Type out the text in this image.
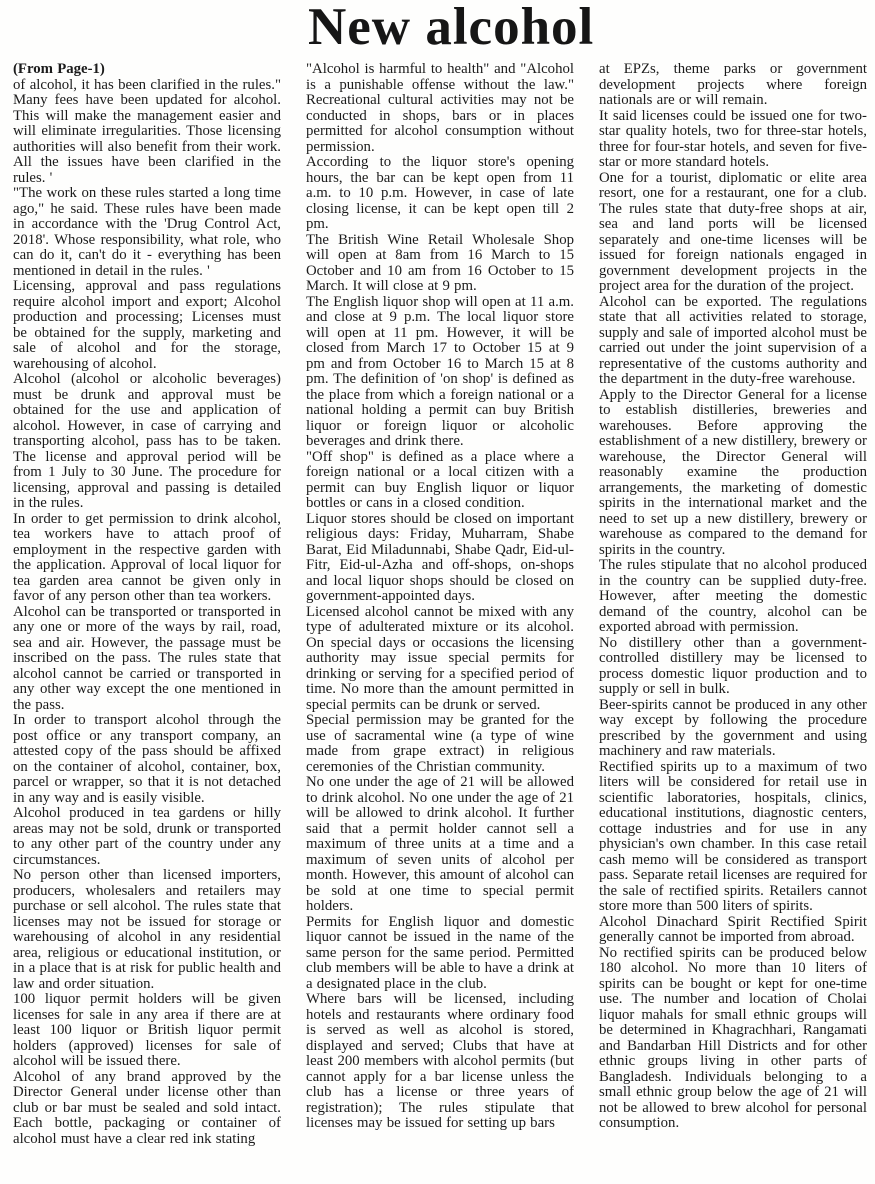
New alcohol

(From Page-1)

of alcohol, it has been clarified in the rules." Many fees have been updated for alcohol. This will make the management easier and will eliminate irregularities. Those licensing authorities will also benefit from their work. All the issues have been clarified in the rules. '

"The work on these rules started a long time ago," he said. These rules have been made in accordance with the 'Drug Control Act, 2018'. Whose responsibility, what role, who can do it, can't do it - everything has been mentioned in detail in the rules. '

Licensing, approval and pass regulations require alcohol import and export; Alcohol production and processing; Licenses must be obtained for the supply, marketing and sale of alcohol and for the storage, warehousing of alcohol.

Alcohol (alcohol or alcoholic beverages) must be drunk and approval must be obtained for the use and application of alcohol. However, in case of carrying and transporting alcohol, pass has to be taken. The license and approval period will be from 1 July to 30 June. The procedure for licensing, approval and passing is detailed in the rules.

In order to get permission to drink alcohol, tea workers have to attach proof of employment in the respective garden with the application. Approval of local liquor for tea garden area cannot be given only in favor of any person other than tea workers.

Alcohol can be transported or transported in any one or more of the ways by rail, road, sea and air. However, the passage must be inscribed on the pass. The rules state that alcohol cannot be carried or transported in any other way except the one mentioned in the pass.

In order to transport alcohol through the post office or any transport company, an attested copy of the pass should be affixed on the container of alcohol, container, box, parcel or wrapper, so that it is not detached in any way and is easily visible.

Alcohol produced in tea gardens or hilly areas may not be sold, drunk or transported to any other part of the country under any circumstances.

No person other than licensed importers, producers, wholesalers and retailers may purchase or sell alcohol. The rules state that licenses may not be issued for storage or warehousing of alcohol in any residential area, religious or educational institution, or in a place that is at risk for public health and law and order situation.

100 liquor permit holders will be given licenses for sale in any area if there are at least 100 liquor or British liquor permit holders (approved) licenses for sale of alcohol will be issued there.

Alcohol of any brand approved by the Director General under license other than club or bar must be sealed and sold intact. Each bottle, packaging or container of alcohol must have a clear red ink stating

"Alcohol is harmful to health" and "Alcohol is a punishable offense without the law." Recreational cultural activities may not be conducted in shops, bars or in places permitted for alcohol consumption without permission.

According to the liquor store's opening hours, the bar can be kept open from 11 a.m. to 10 p.m. However, in case of late closing license, it can be kept open till 2 pm.

The British Wine Retail Wholesale Shop will open at 8am from 16 March to 15 October and 10 am from 16 October to 15 March. It will close at 9 pm.

The English liquor shop will open at 11 a.m. and close at 9 p.m. The local liquor store will open at 11 pm. However, it will be closed from March 17 to October 15 at 9 pm and from October 16 to March 15 at 8 pm. The definition of 'on shop' is defined as the place from which a foreign national or a national holding a permit can buy British liquor or foreign liquor or alcoholic beverages and drink there.

"Off shop" is defined as a place where a foreign national or a local citizen with a permit can buy English liquor or liquor bottles or cans in a closed condition.

Liquor stores should be closed on important religious days: Friday, Muharram, Shabe Barat, Eid Miladunnabi, Shabe Qadr, Eid-ul-Fitr, Eid-ul-Azha and off-shops, on-shops and local liquor shops should be closed on government-appointed days.

Licensed alcohol cannot be mixed with any type of adulterated mixture or its alcohol. On special days or occasions the licensing authority may issue special permits for drinking or serving for a specified period of time. No more than the amount permitted in special permits can be drunk or served.

Special permission may be granted for the use of sacramental wine (a type of wine made from grape extract) in religious ceremonies of the Christian community.

No one under the age of 21 will be allowed to drink alcohol. No one under the age of 21 will be allowed to drink alcohol. It further said that a permit holder cannot sell a maximum of three units at a time and a maximum of seven units of alcohol per month. However, this amount of alcohol can be sold at one time to special permit holders.

Permits for English liquor and domestic liquor cannot be issued in the name of the same person for the same period. Permitted club members will be able to have a drink at a designated place in the club.

Where bars will be licensed, including hotels and restaurants where ordinary food is served as well as alcohol is stored, displayed and served; Clubs that have at least 200 members with alcohol permits (but cannot apply for a bar license unless the club has a license or three years of registration); The rules stipulate that licenses may be issued for setting up bars

at EPZs, theme parks or government development projects where foreign nationals are or will remain.

It said licenses could be issued one for two-star quality hotels, two for three-star hotels, three for four-star hotels, and seven for five-star or more standard hotels.

One for a tourist, diplomatic or elite area resort, one for a restaurant, one for a club. The rules state that duty-free shops at air, sea and land ports will be licensed separately and one-time licenses will be issued for foreign nationals engaged in government development projects in the project area for the duration of the project.

Alcohol can be exported. The regulations state that all activities related to storage, supply and sale of imported alcohol must be carried out under the joint supervision of a representative of the customs authority and the department in the duty-free warehouse.

Apply to the Director General for a license to establish distilleries, breweries and warehouses. Before approving the establishment of a new distillery, brewery or warehouse, the Director General will reasonably examine the production arrangements, the marketing of domestic spirits in the international market and the need to set up a new distillery, brewery or warehouse as compared to the demand for spirits in the country.

The rules stipulate that no alcohol produced in the country can be supplied duty-free. However, after meeting the domestic demand of the country, alcohol can be exported abroad with permission.

No distillery other than a government-controlled distillery may be licensed to process domestic liquor production and to supply or sell in bulk.

Beer-spirits cannot be produced in any other way except by following the procedure prescribed by the government and using machinery and raw materials.

Rectified spirits up to a maximum of two liters will be considered for retail use in scientific laboratories, hospitals, clinics, educational institutions, diagnostic centers, cottage industries and for use in any physician's own chamber. In this case retail cash memo will be considered as transport pass. Separate retail licenses are required for the sale of rectified spirits. Retailers cannot store more than 500 liters of spirits.

Alcohol Dinachard Spirit Rectified Spirit generally cannot be imported from abroad.

No rectified spirits can be produced below 180 alcohol. No more than 10 liters of spirits can be bought or kept for one-time use. The number and location of Cholai liquor mahals for small ethnic groups will be determined in Khagrachhari, Rangamati and Bandarban Hill Districts and for other ethnic groups living in other parts of Bangladesh. Individuals belonging to a small ethnic group below the age of 21 will not be allowed to brew alcohol for personal consumption.
